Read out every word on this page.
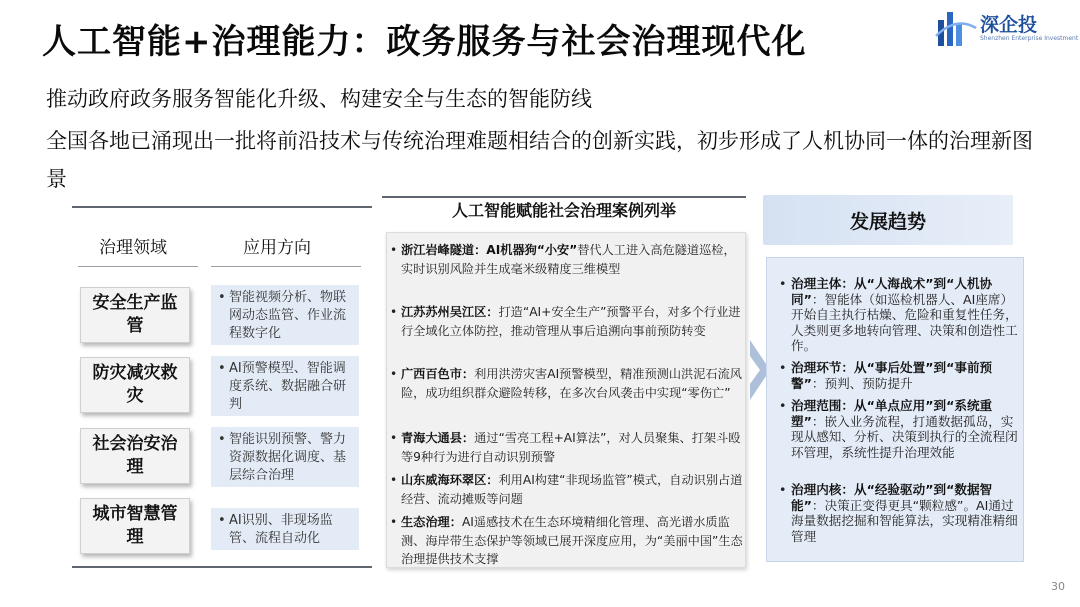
人工智能+治理能力：政务服务与社会治理现代化	深企投
Shenzhen Enterprise Investment
推动政府政务服务智能化升级、构建安全与生态的智能防线
全国各地已涌现出一批将前沿技术与传统治理难题相结合的创新实践，初步形成了人机协同一体的治理新图景
治理领域	应用方向
安全生产监管
• 智能视频分析、物联网动态监管、作业流程数字化
防灾减灾救灾
• AI预警模型、智能调度系统、数据融合研判
社会治安治理
• 智能识别预警、警力资源数据化调度、基层综合治理
城市智慧管理
• AI识别、非现场监管、流程自动化
人工智能赋能社会治理案例列举
• 浙江岩峰隧道：AI机器狗“小安”替代人工进入高危隧道巡检，实时识别风险并生成毫米级精度三维模型
• 江苏苏州吴江区：打造“AI+安全生产”预警平台，对多个行业进行全域化立体防控，推动管理从事后追溯向事前预防转变
• 广西百色市：利用洪涝灾害AI预警模型，精准预测山洪泥石流风险，成功组织群众避险转移，在多次台风袭击中实现“零伤亡”
• 青海大通县：通过“雪亮工程+AI算法”，对人员聚集、打架斗殴等9种行为进行自动识别预警
• 山东威海环翠区：利用AI构建“非现场监管”模式，自动识别占道经营、流动摊贩等问题
• 生态治理：AI遥感技术在生态环境精细化管理、高光谱水质监测、海岸带生态保护等领域已展开深度应用，为“美丽中国”生态治理提供技术支撑
发展趋势
• 治理主体：从“人海战术”到“人机协同”：智能体（如巡检机器人、AI座席）开始自主执行枯燥、危险和重复性任务，人类则更多地转向管理、决策和创造性工作。
• 治理环节：从“事后处置”到“事前预警”：预判、预防提升
• 治理范围：从“单点应用”到“系统重塑”：嵌入业务流程，打通数据孤岛，实现从感知、分析、决策到执行的全流程闭环管理，系统性提升治理效能
• 治理内核：从“经验驱动”到“数据智能”：决策正变得更具“颗粒感”。AI通过海量数据挖掘和智能算法，实现精准精细管理
30
